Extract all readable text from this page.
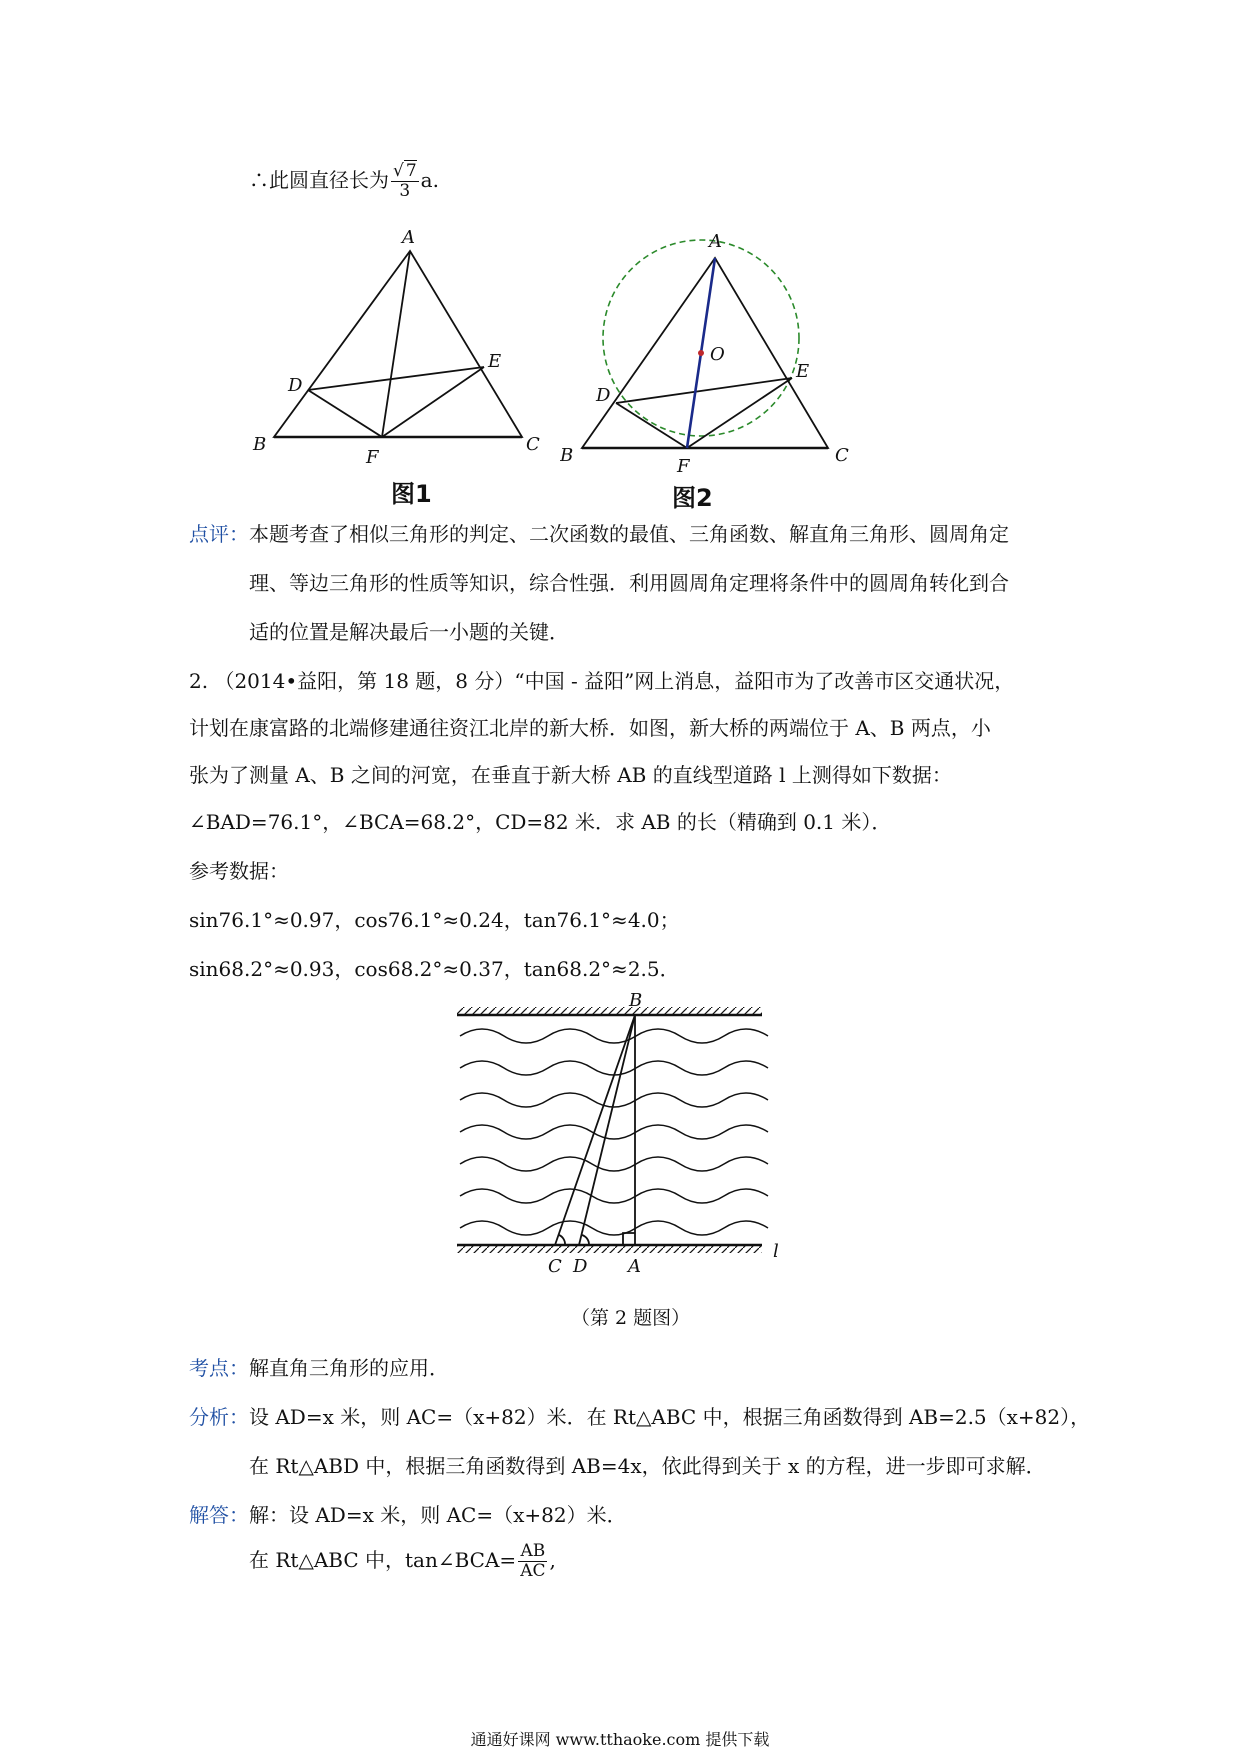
∴此圆直径长为 $\frac{√ 7}{3} a$.
A
D
E
B
F
C
图1
A
O
D
E
B
F
C
图2
点评：本题考查了相似三角形的判定、二次函数的最值、三角函数、解直角三角形、圆周角定
理、等边三角形的性质等知识，综合性强．利用圆周角定理将条件中的圆周角转化到合
适的位置是解决最后一小题的关键．
2. （2014•益阳，第 18 题，8 分）“中国 - 益阳”网上消息，益阳市为了改善市区交通状况，
计划在康富路的北端修建通往资江北岸的新大桥．如图，新大桥的两端位于 A、B 两点，小
张为了测量 A、B 之间的河宽，在垂直于新大桥 AB 的直线型道路 l 上测得如下数据：
∠BAD=76.1°，∠BCA=68.2°，CD=82 米．求 AB 的长（精确到 0.1 米）．
参考数据：
sin76.1°≈0.97，cos76.1°≈0.24，tan76.1°≈4.0；
sin68.2°≈0.93，cos68.2°≈0.37，tan68.2°≈2.5．
B
C D A
l
（第 2 题图）
考点：解直角三角形的应用．
分析：设 AD=x 米，则 AC=（x+82）米．在 Rt△ABC 中，根据三角函数得到 AB=2.5（x+82），
在 Rt△ABD 中，根据三角函数得到 AB=4x，依此得到关于 x 的方程，进一步即可求解．
解答：解：设 AD=x 米，则 AC=（x+82）米．
在 Rt△ABC 中，tan∠BCA= $\frac{AB}{AC}$ ,
通通好课网 www.tthaoke.com 提供下载
